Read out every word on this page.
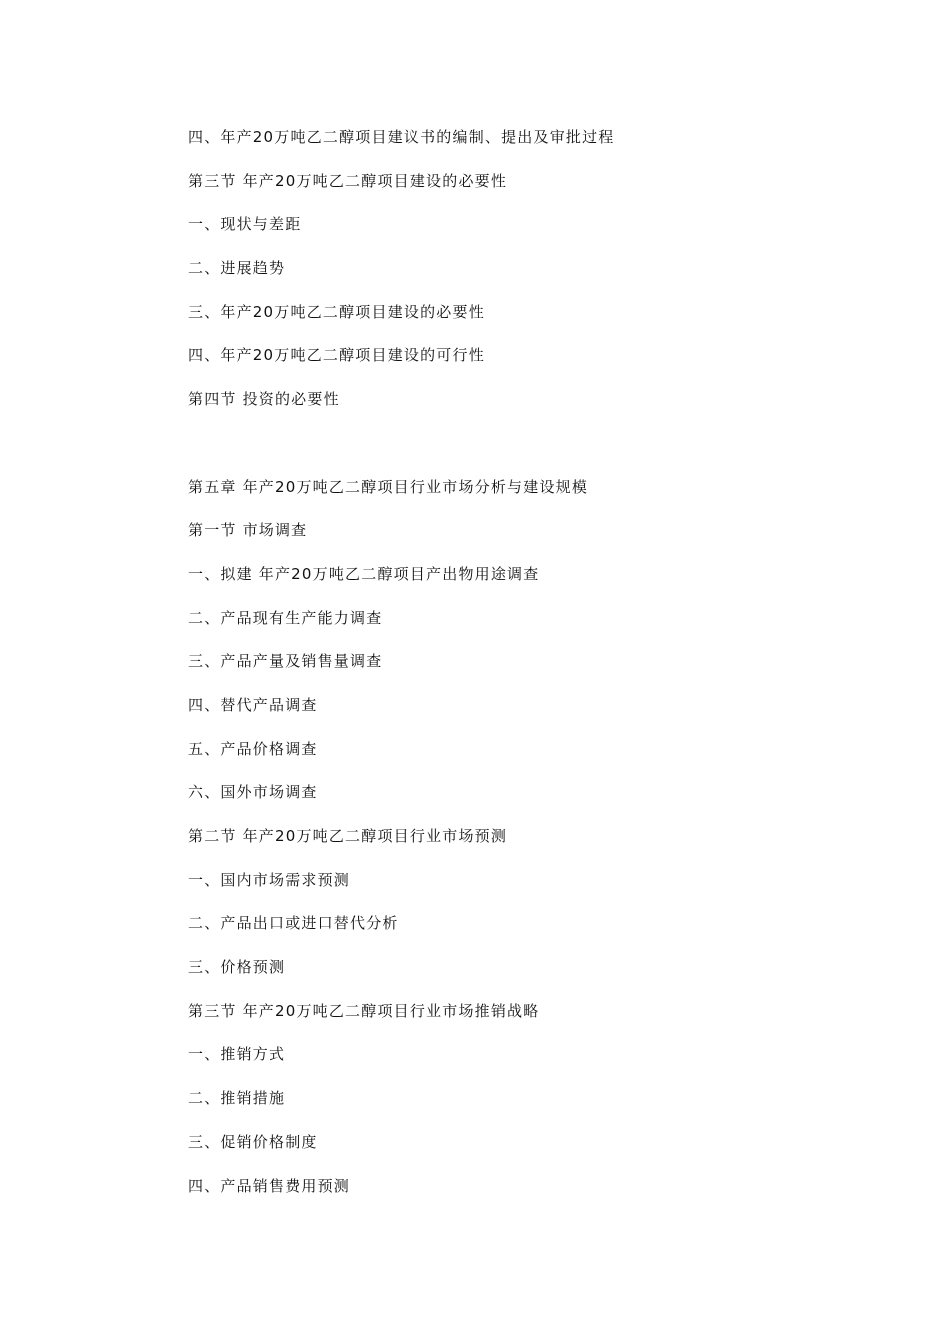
四、年产20万吨乙二醇项目建议书的编制、提出及审批过程
第三节 年产20万吨乙二醇项目建设的必要性
一、现状与差距
二、进展趋势
三、年产20万吨乙二醇项目建设的必要性
四、年产20万吨乙二醇项目建设的可行性
第四节 投资的必要性
第五章 年产20万吨乙二醇项目行业市场分析与建设规模
第一节 市场调查
一、拟建 年产20万吨乙二醇项目产出物用途调查
二、产品现有生产能力调查
三、产品产量及销售量调查
四、替代产品调查
五、产品价格调查
六、国外市场调查
第二节 年产20万吨乙二醇项目行业市场预测
一、国内市场需求预测
二、产品出口或进口替代分析
三、价格预测
第三节 年产20万吨乙二醇项目行业市场推销战略
一、推销方式
二、推销措施
三、促销价格制度
四、产品销售费用预测
